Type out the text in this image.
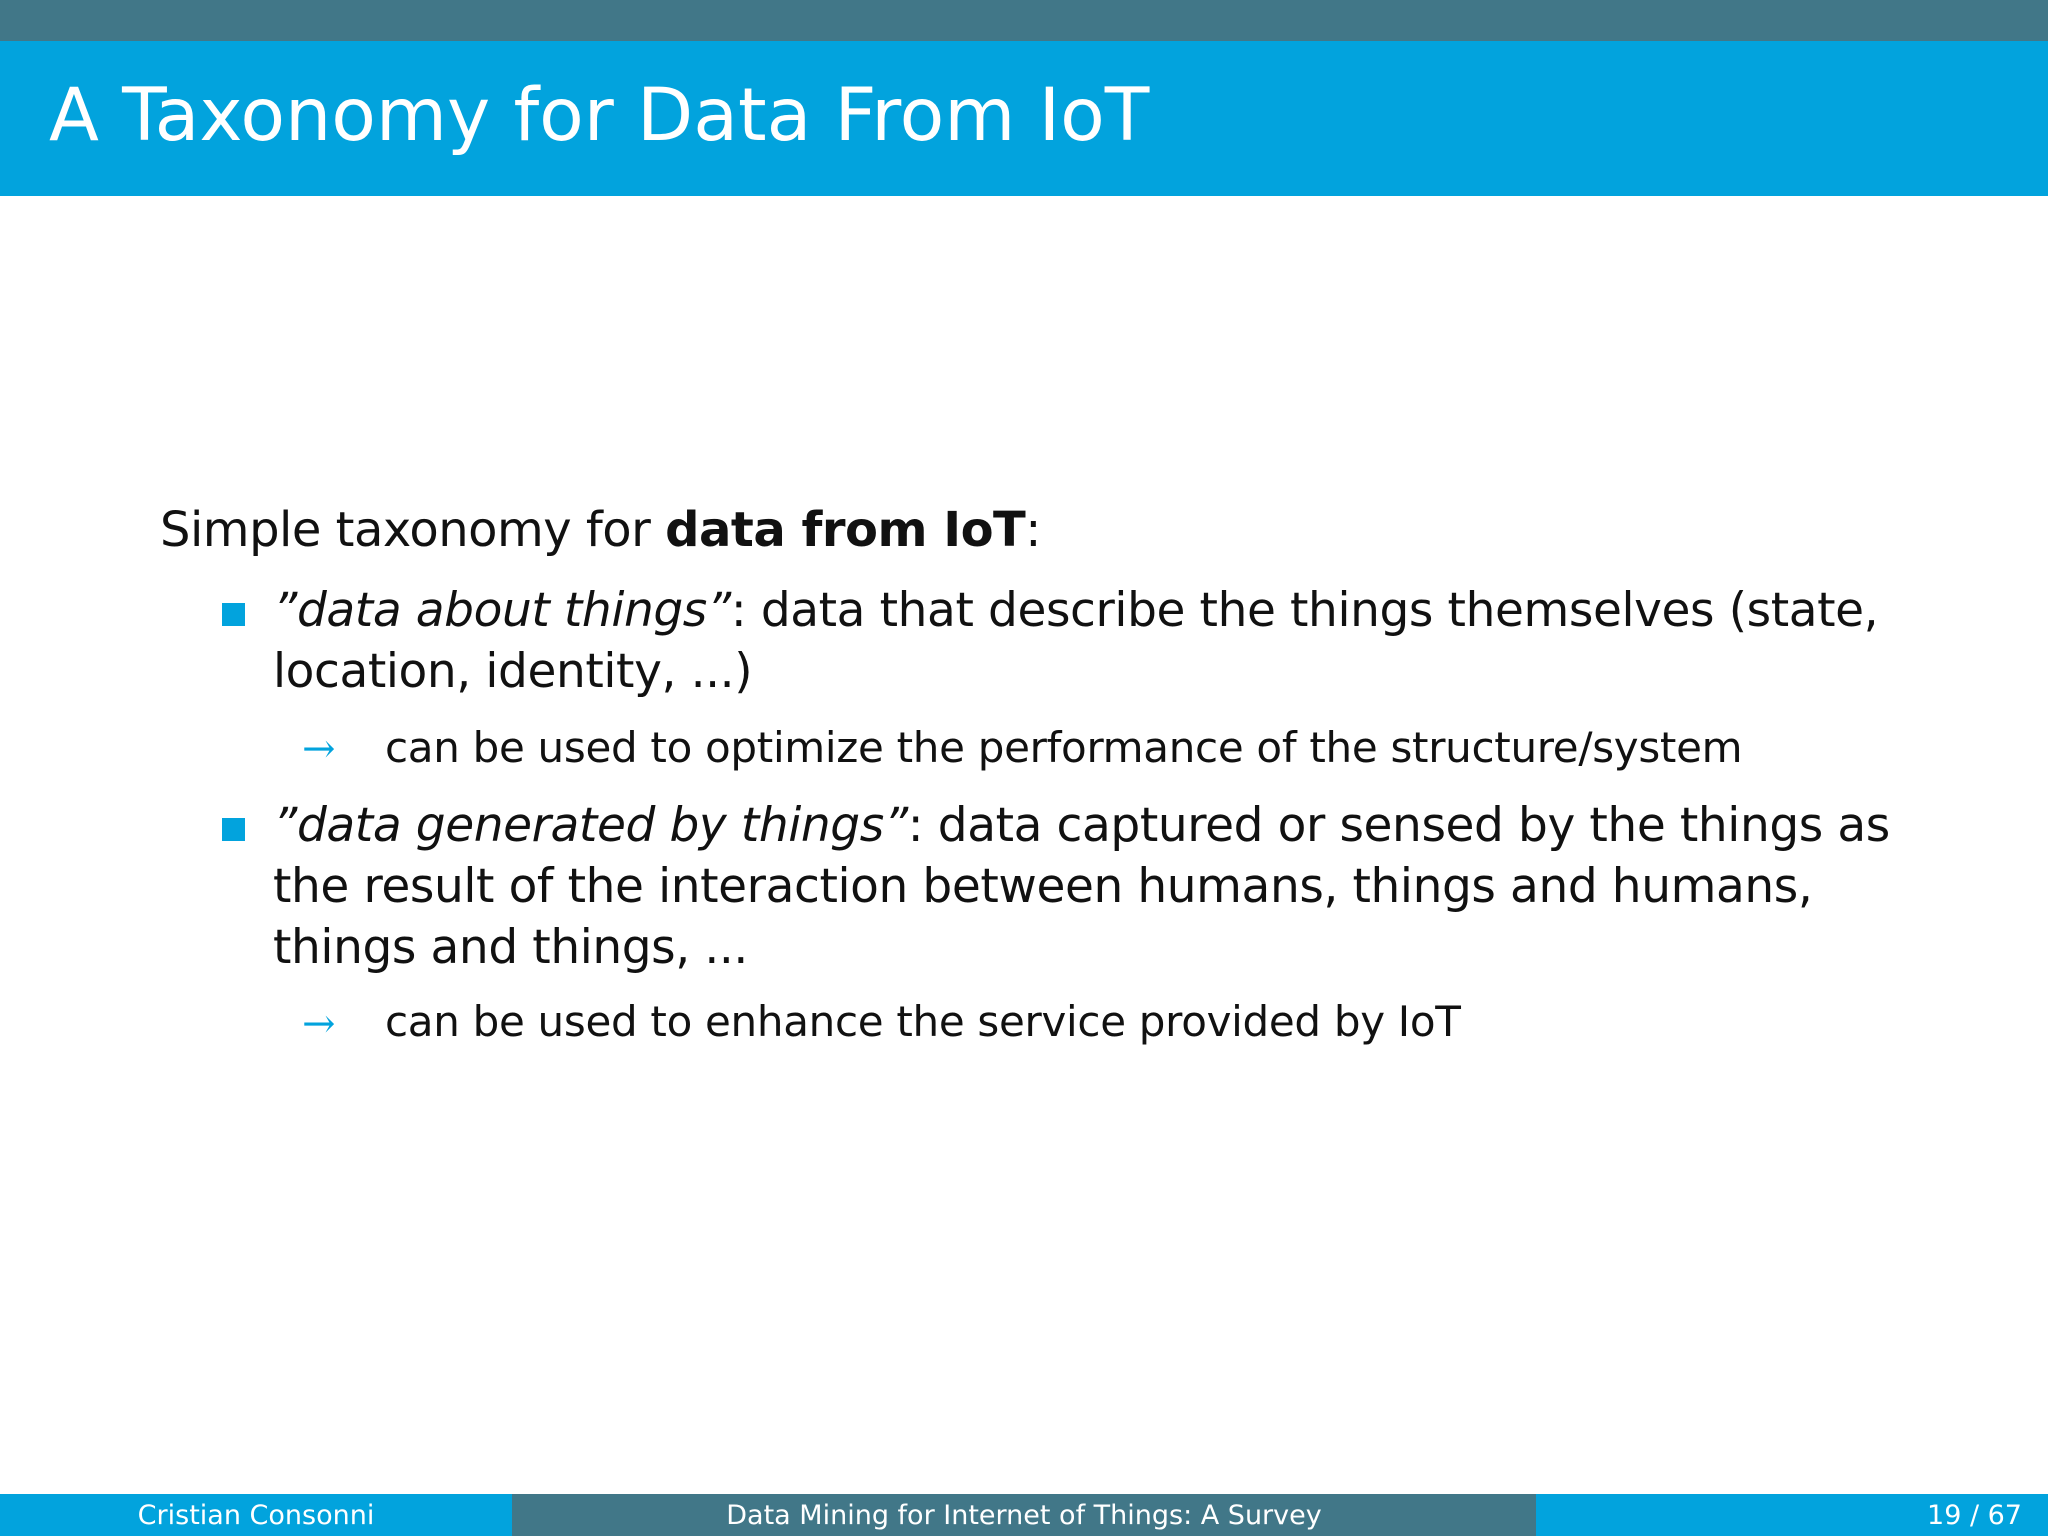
A Taxonomy for Data From IoT
Simple taxonomy for data from IoT:
”data about things”: data that describe the things themselves (state, location, identity, ...)
→ can be used to optimize the performance of the structure/system
”data generated by things”: data captured or sensed by the things as the result of the interaction between humans, things and humans, things and things, ...
→ can be used to enhance the service provided by IoT
Cristian Consonni	Data Mining for Internet of Things: A Survey	19 / 67
